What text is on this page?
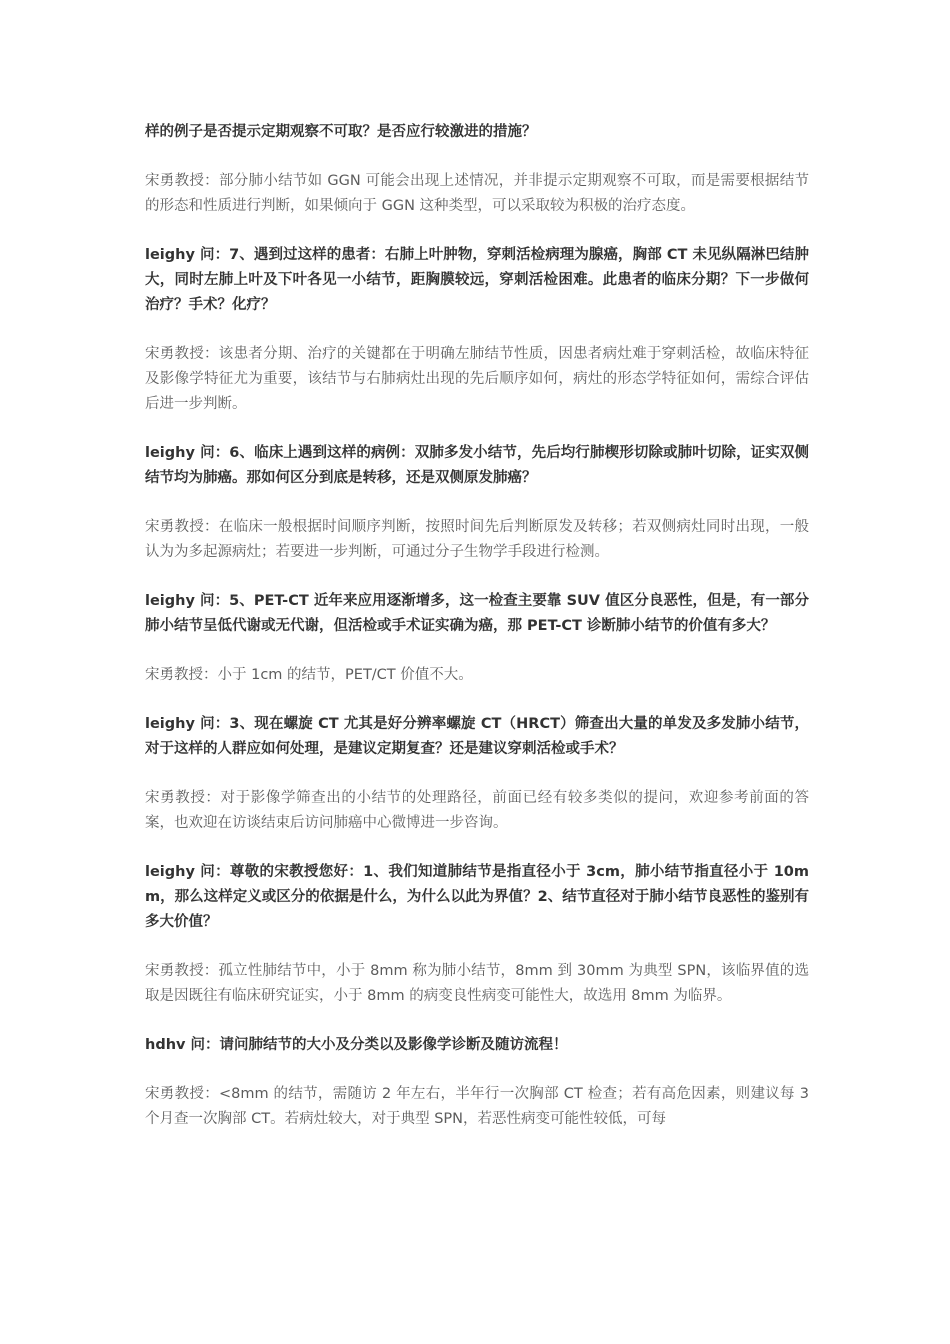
样的例子是否提示定期观察不可取？是否应行较激进的措施？

宋勇教授：部分肺小结节如 GGN 可能会出现上述情况，并非提示定期观察不可取，而是需要根据结节的形态和性质进行判断，如果倾向于 GGN 这种类型，可以采取较为积极的治疗态度。

leighy 问：7、遇到过这样的患者：右肺上叶肿物，穿刺活检病理为腺癌，胸部 CT 未见纵隔淋巴结肿大，同时左肺上叶及下叶各见一小结节，距胸膜较远，穿刺活检困难。此患者的临床分期？下一步做何治疗？手术？化疗？

宋勇教授：该患者分期、治疗的关键都在于明确左肺结节性质，因患者病灶难于穿刺活检，故临床特征及影像学特征尤为重要，该结节与右肺病灶出现的先后顺序如何，病灶的形态学特征如何，需综合评估后进一步判断。

leighy 问：6、临床上遇到这样的病例：双肺多发小结节，先后均行肺楔形切除或肺叶切除，证实双侧结节均为肺癌。那如何区分到底是转移，还是双侧原发肺癌？

宋勇教授：在临床一般根据时间顺序判断，按照时间先后判断原发及转移；若双侧病灶同时出现，一般认为为多起源病灶；若要进一步判断，可通过分子生物学手段进行检测。

leighy 问：5、PET-CT 近年来应用逐渐增多，这一检查主要靠 SUV 值区分良恶性，但是，有一部分肺小结节呈低代谢或无代谢，但活检或手术证实确为癌，那 PET-CT 诊断肺小结节的价值有多大？

宋勇教授：小于 1cm 的结节，PET/CT 价值不大。

leighy 问：3、现在螺旋 CT 尤其是好分辨率螺旋 CT（HRCT）筛查出大量的单发及多发肺小结节，对于这样的人群应如何处理，是建议定期复查？还是建议穿刺活检或手术？

宋勇教授：对于影像学筛查出的小结节的处理路径，前面已经有较多类似的提问，欢迎参考前面的答案，也欢迎在访谈结束后访问肺癌中心微博进一步咨询。

leighy 问：尊敬的宋教授您好：1、我们知道肺结节是指直径小于 3cm，肺小结节指直径小于 10mm，那么这样定义或区分的依据是什么，为什么以此为界值？2、结节直径对于肺小结节良恶性的鉴别有多大价值？

宋勇教授：孤立性肺结节中，小于 8mm 称为肺小结节，8mm 到 30mm 为典型 SPN，该临界值的选取是因既往有临床研究证实，小于 8mm 的病变良性病变可能性大，故选用 8mm 为临界。

hdhv 问：请问肺结节的大小及分类以及影像学诊断及随访流程！

宋勇教授：<8mm 的结节，需随访 2 年左右，半年行一次胸部 CT 检查；若有高危因素，则建议每 3 个月查一次胸部 CT。若病灶较大，对于典型 SPN，若恶性病变可能性较低，可每
